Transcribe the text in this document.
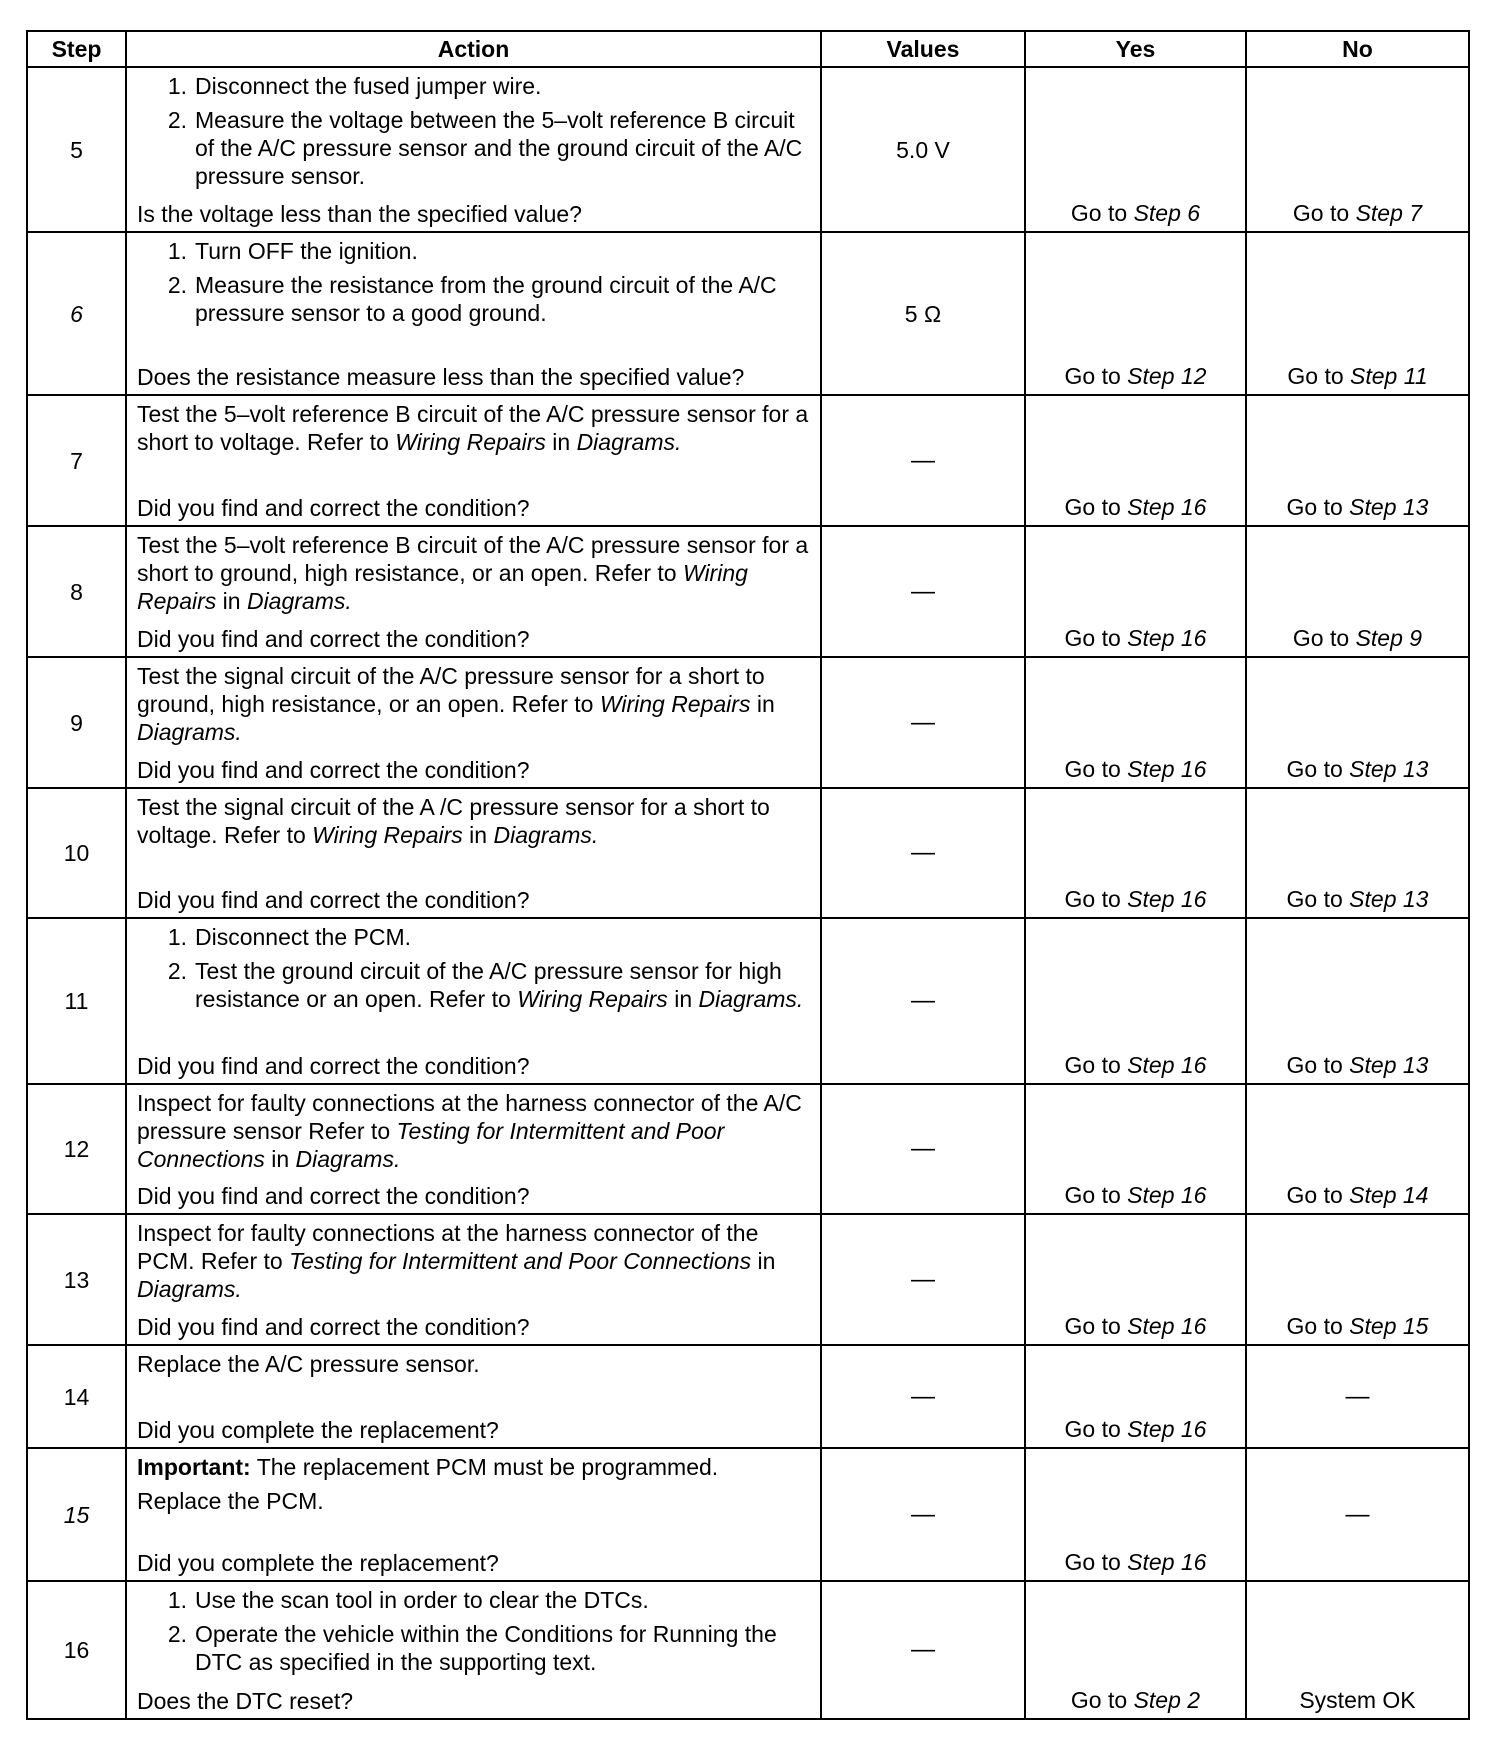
Step	Action	Values	Yes	No
5	1. Disconnect the fused jumper wire.
2. Measure the voltage between the 5–volt reference B circuit of the A/C pressure sensor and the ground circuit of the A/C pressure sensor.
Is the voltage less than the specified value?	5.0 V	Go to Step 6	Go to Step 7
6	1. Turn OFF the ignition.
2. Measure the resistance from the ground circuit of the A/C pressure sensor to a good ground.
Does the resistance measure less than the specified value?	5 Ω	Go to Step 12	Go to Step 11
7	Test the 5–volt reference B circuit of the A/C pressure sensor for a short to voltage. Refer to Wiring Repairs in Diagrams.
Did you find and correct the condition?	—	Go to Step 16	Go to Step 13
8	Test the 5–volt reference B circuit of the A/C pressure sensor for a short to ground, high resistance, or an open. Refer to Wiring Repairs in Diagrams.
Did you find and correct the condition?	—	Go to Step 16	Go to Step 9
9	Test the signal circuit of the A/C pressure sensor for a short to ground, high resistance, or an open. Refer to Wiring Repairs in Diagrams.
Did you find and correct the condition?	—	Go to Step 16	Go to Step 13
10	Test the signal circuit of the A /C pressure sensor for a short to voltage. Refer to Wiring Repairs in Diagrams.
Did you find and correct the condition?	—	Go to Step 16	Go to Step 13
11	1. Disconnect the PCM.
2. Test the ground circuit of the A/C pressure sensor for high resistance or an open. Refer to Wiring Repairs in Diagrams.
Did you find and correct the condition?	—	Go to Step 16	Go to Step 13
12	Inspect for faulty connections at the harness connector of the A/C pressure sensor Refer to Testing for Intermittent and Poor Connections in Diagrams.
Did you find and correct the condition?	—	Go to Step 16	Go to Step 14
13	Inspect for faulty connections at the harness connector of the PCM. Refer to Testing for Intermittent and Poor Connections in Diagrams.
Did you find and correct the condition?	—	Go to Step 16	Go to Step 15
14	Replace the A/C pressure sensor.
Did you complete the replacement?	—	Go to Step 16	—
15	Important: The replacement PCM must be programmed.
Replace the PCM.
Did you complete the replacement?	—	Go to Step 16	—
16	1. Use the scan tool in order to clear the DTCs.
2. Operate the vehicle within the Conditions for Running the DTC as specified in the supporting text.
Does the DTC reset?	—	Go to Step 2	System OK
